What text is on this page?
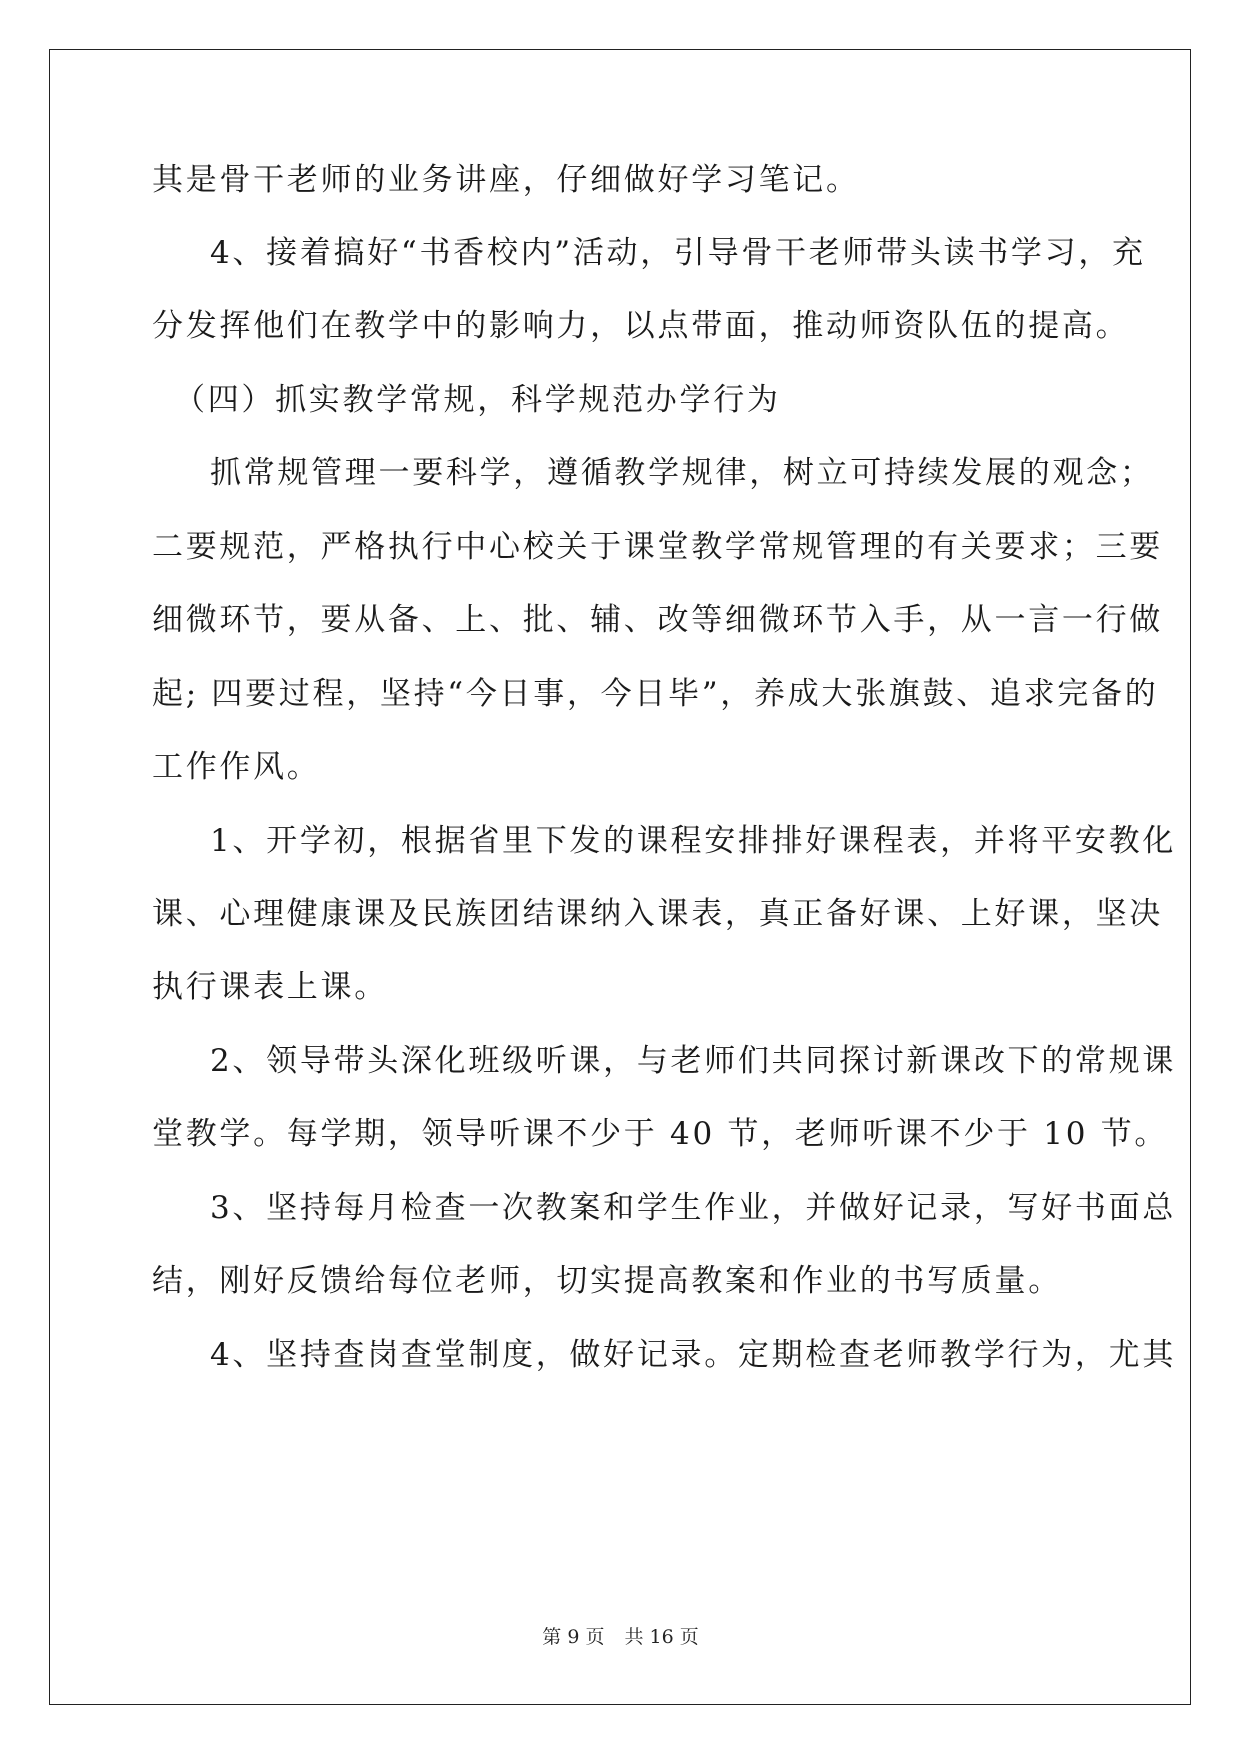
其是骨干老师的业务讲座，仔细做好学习笔记。
4、接着搞好“书香校内”活动，引导骨干老师带头读书学习，充
分发挥他们在教学中的影响力，以点带面，推动师资队伍的提高。
（四）抓实教学常规，科学规范办学行为
抓常规管理一要科学，遵循教学规律，树立可持续发展的观念；
二要规范，严格执行中心校关于课堂教学常规管理的有关要求；三要
细微环节，要从备、上、批、辅、改等细微环节入手，从一言一行做
起; 四要过程，坚持“今日事，今日毕”，养成大张旗鼓、追求完备的
工作作风。
1、开学初，根据省里下发的课程安排排好课程表，并将平安教化
课、心理健康课及民族团结课纳入课表，真正备好课、上好课，坚决
执行课表上课。
2、领导带头深化班级听课，与老师们共同探讨新课改下的常规课
堂教学。每学期，领导听课不少于 40 节，老师听课不少于 10 节。
3、坚持每月检查一次教案和学生作业，并做好记录，写好书面总
结，刚好反馈给每位老师，切实提高教案和作业的书写质量。
4、坚持查岗查堂制度，做好记录。定期检查老师教学行为，尤其
第 9 页 共 16 页
